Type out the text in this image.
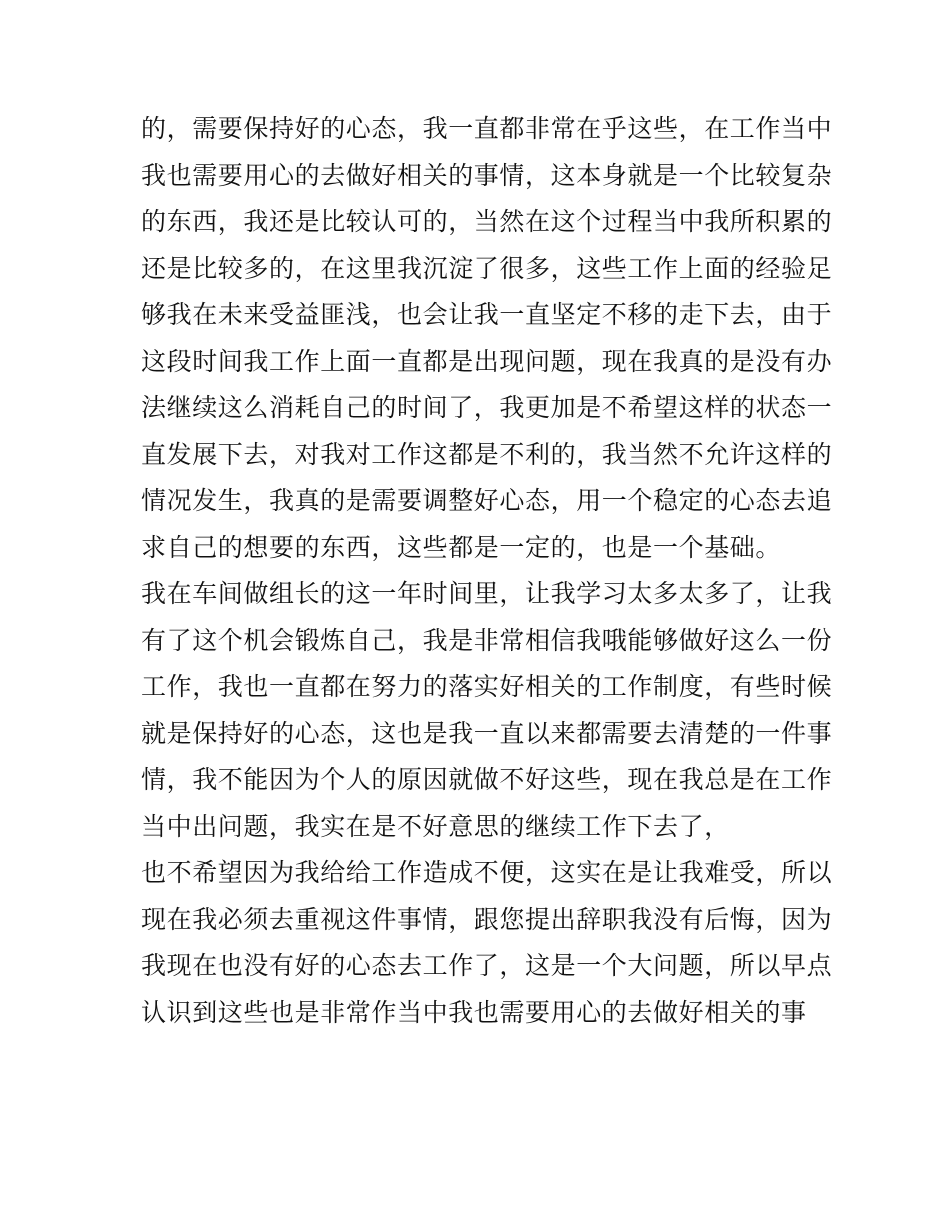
的，需要保持好的心态，我一直都非常在乎这些，在工作当中
我也需要用心的去做好相关的事情，这本身就是一个比较复杂
的东西，我还是比较认可的，当然在这个过程当中我所积累的
还是比较多的，在这里我沉淀了很多，这些工作上面的经验足
够我在未来受益匪浅，也会让我一直坚定不移的走下去，由于
这段时间我工作上面一直都是出现问题，现在我真的是没有办
法继续这么消耗自己的时间了，我更加是不希望这样的状态一
直发展下去，对我对工作这都是不利的，我当然不允许这样的
情况发生，我真的是需要调整好心态，用一个稳定的心态去追
求自己的想要的东西，这些都是一定的，也是一个基础。
我在车间做组长的这一年时间里，让我学习太多太多了，让我
有了这个机会锻炼自己，我是非常相信我哦能够做好这么一份
工作，我也一直都在努力的落实好相关的工作制度，有些时候
就是保持好的心态，这也是我一直以来都需要去清楚的一件事
情，我不能因为个人的原因就做不好这些，现在我总是在工作
当中出问题，我实在是不好意思的继续工作下去了，
也不希望因为我给给工作造成不便，这实在是让我难受，所以
现在我必须去重视这件事情，跟您提出辞职我没有后悔，因为
我现在也没有好的心态去工作了，这是一个大问题，所以早点
认识到这些也是非常作当中我也需要用心的去做好相关的事
